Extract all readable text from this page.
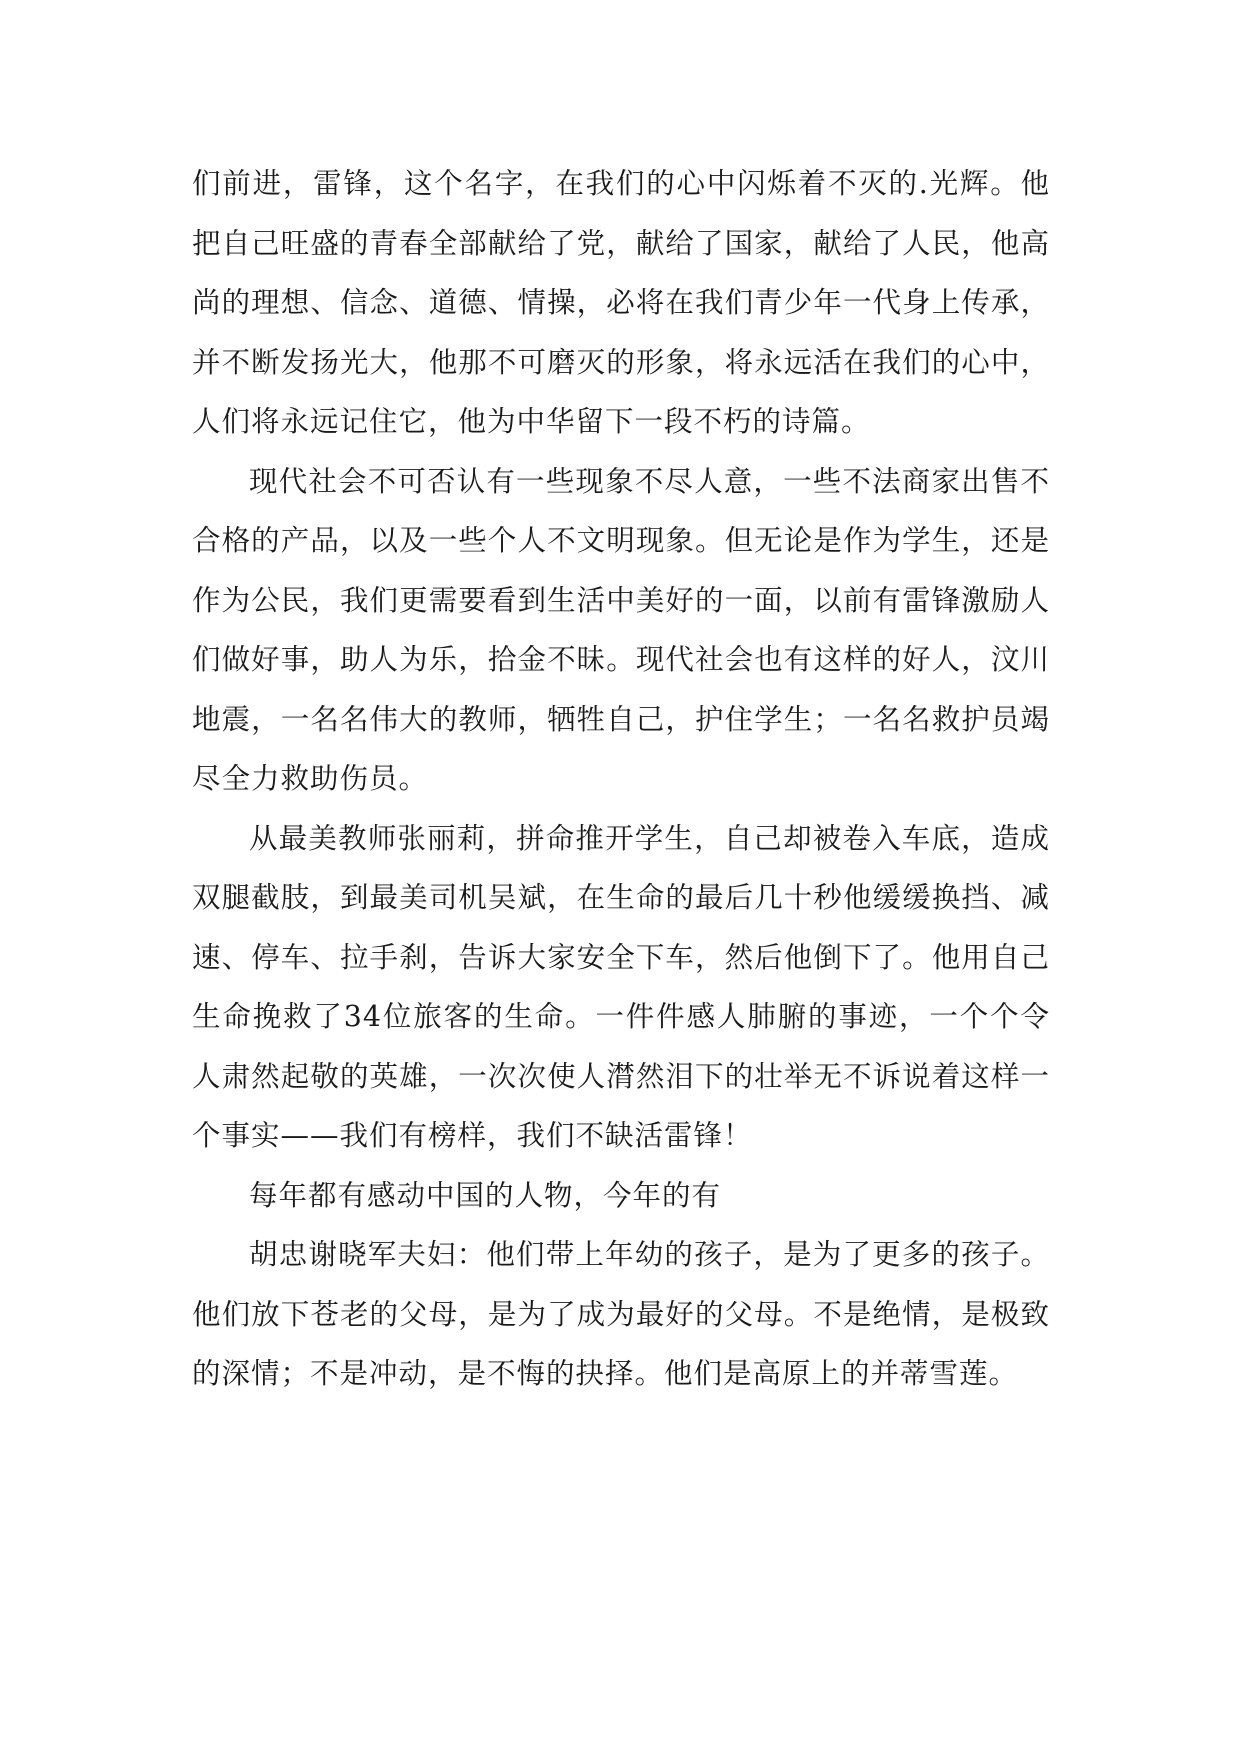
们前进，雷锋，这个名字，在我们的心中闪烁着不灭的.光辉。他把自己旺盛的青春全部献给了党，献给了国家，献给了人民，他高尚的理想、信念、道德、情操，必将在我们青少年一代身上传承，并不断发扬光大，他那不可磨灭的形象，将永远活在我们的心中，人们将永远记住它，他为中华留下一段不朽的诗篇。

现代社会不可否认有一些现象不尽人意，一些不法商家出售不合格的产品，以及一些个人不文明现象。但无论是作为学生，还是作为公民，我们更需要看到生活中美好的一面，以前有雷锋激励人们做好事，助人为乐，拾金不昧。现代社会也有这样的好人，汶川地震，一名名伟大的教师，牺牲自己，护住学生；一名名救护员竭尽全力救助伤员。

从最美教师张丽莉，拼命推开学生，自己却被卷入车底，造成双腿截肢，到最美司机吴斌，在生命的最后几十秒他缓缓换挡、减速、停车、拉手刹，告诉大家安全下车，然后他倒下了。他用自己生命挽救了34位旅客的生命。一件件感人肺腑的事迹，一个个令人肃然起敬的英雄，一次次使人潸然泪下的壮举无不诉说着这样一个事实——我们有榜样，我们不缺活雷锋！

每年都有感动中国的人物，今年的有

胡忠谢晓军夫妇：他们带上年幼的孩子，是为了更多的孩子。他们放下苍老的父母，是为了成为最好的父母。不是绝情，是极致的深情；不是冲动，是不悔的抉择。他们是高原上的并蒂雪莲。
